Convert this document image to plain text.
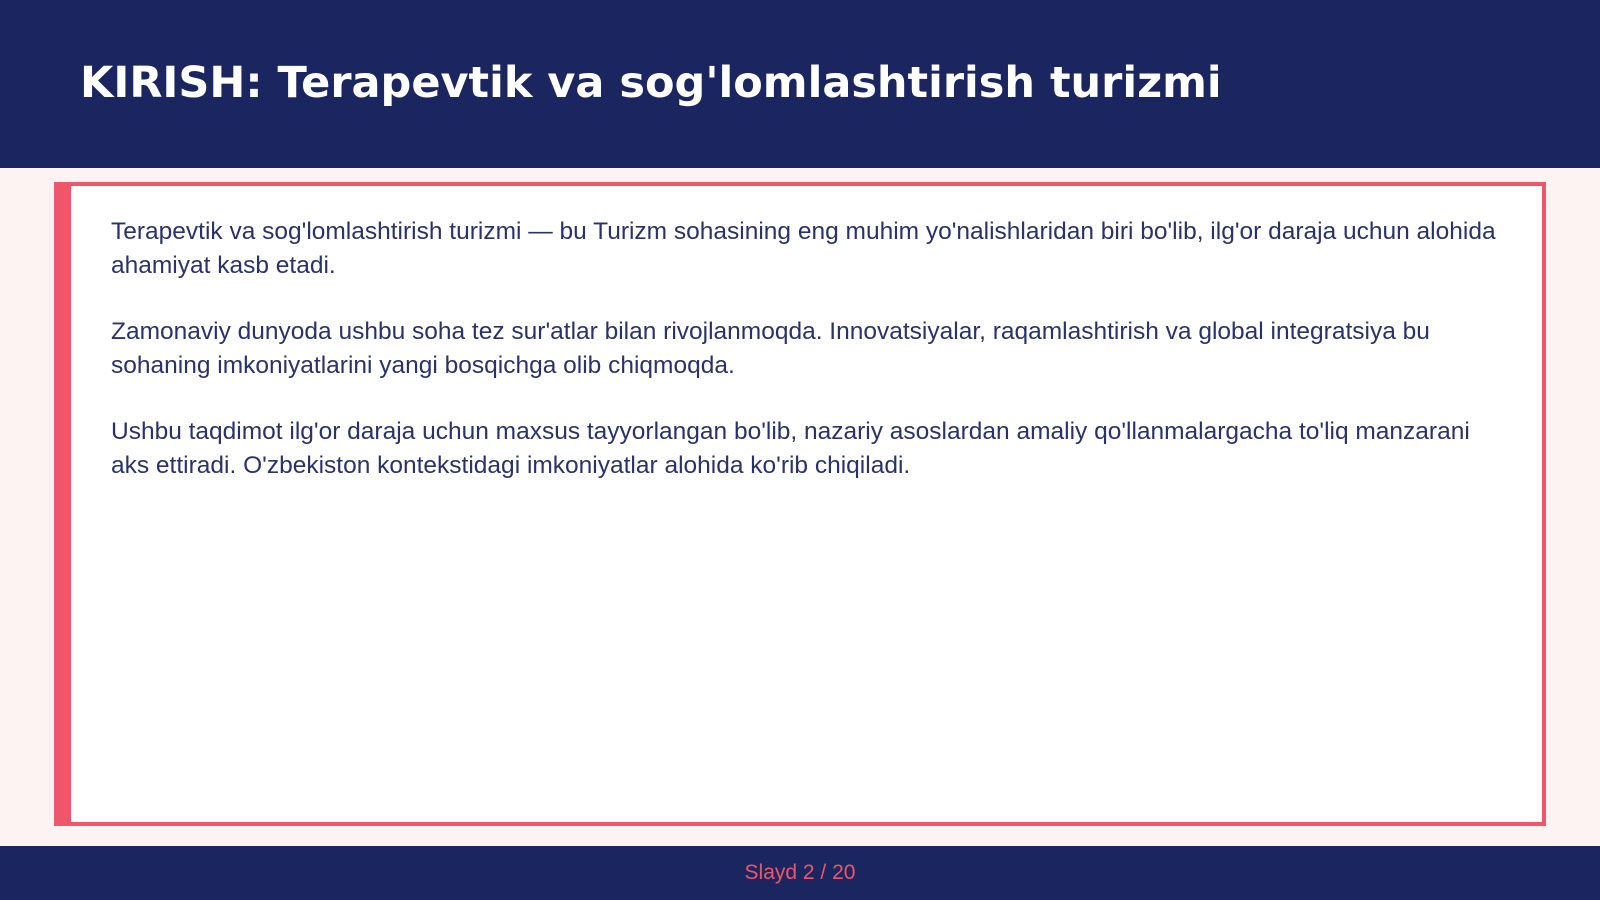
KIRISH: Terapevtik va sog'lomlashtirish turizmi

Terapevtik va sog'lomlashtirish turizmi — bu Turizm sohasining eng muhim yo'nalishlaridan biri bo'lib, ilg'or daraja uchun alohida ahamiyat kasb etadi.

Zamonaviy dunyoda ushbu soha tez sur'atlar bilan rivojlanmoqda. Innovatsiyalar, raqamlashtirish va global integratsiya bu sohaning imkoniyatlarini yangi bosqichga olib chiqmoqda.

Ushbu taqdimot ilg'or daraja uchun maxsus tayyorlangan bo'lib, nazariy asoslardan amaliy qo'llanmalargacha to'liq manzarani aks ettiradi. O'zbekiston kontekstidagi imkoniyatlar alohida ko'rib chiqiladi.

Slayd 2 / 20
